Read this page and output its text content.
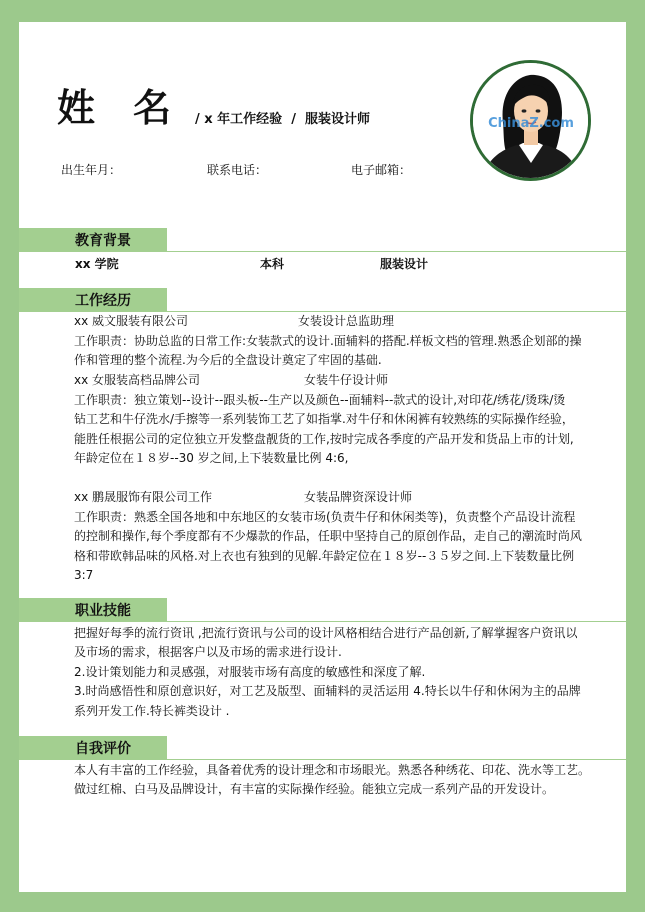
姓名
/ x 年工作经验  /  服装设计师
出生年月：	联系电话：	电子邮箱：
ChinaZ.com
教育背景
xx 学院	本科	服装设计
工作经历
xx 威文服装有限公司	女装设计总监助理
工作职责：协助总监的日常工作:女装款式的设计.面辅料的搭配.样板文档的管理.熟悉企划部的操
作和管理的整个流程.为今后的全盘设计奠定了牢固的基础.
xx 女服装高档品牌公司	女装牛仔设计师
工作职责：独立策划--设计--跟头板--生产以及颜色--面辅料--款式的设计,对印花/绣花/烫珠/烫
钻工艺和牛仔洗水/手擦等一系列装饰工艺了如指掌.对牛仔和休闲裤有较熟练的实际操作经验，
能胜任根据公司的定位独立开发整盘靓货的工作,按时完成各季度的产品开发和货品上市的计划,
年龄定位在１８岁--30 岁之间,上下装数量比例 4:6,
xx 鹏晟服饰有限公司工作	女装品牌资深设计师
工作职责：熟悉全国各地和中东地区的女装市场(负责牛仔和休闲类等)，负责整个产品设计流程
的控制和操作,每个季度都有不少爆款的作品，任职中坚持自己的原创作品，走自己的潮流时尚风
格和带欧韩品味的风格.对上衣也有独到的见解.年龄定位在１８岁--３５岁之间.上下装数量比例
3:7
职业技能
把握好每季的流行资讯 ,把流行资讯与公司的设计风格相结合进行产品创新,了解掌握客户资讯以
及市场的需求，根据客户以及市场的需求进行设计.
2.设计策划能力和灵感强，对服装市场有高度的敏感性和深度了解.
3.时尚感悟性和原创意识好，对工艺及版型、面辅料的灵活运用 4.特长以牛仔和休闲为主的品牌
系列开发工作.特长裤类设计 .
自我评价
本人有丰富的工作经验，具备着优秀的设计理念和市场眼光。熟悉各种绣花、印花、洗水等工艺。
做过红棉、白马及品牌设计，有丰富的实际操作经验。能独立完成一系列产品的开发设计。
